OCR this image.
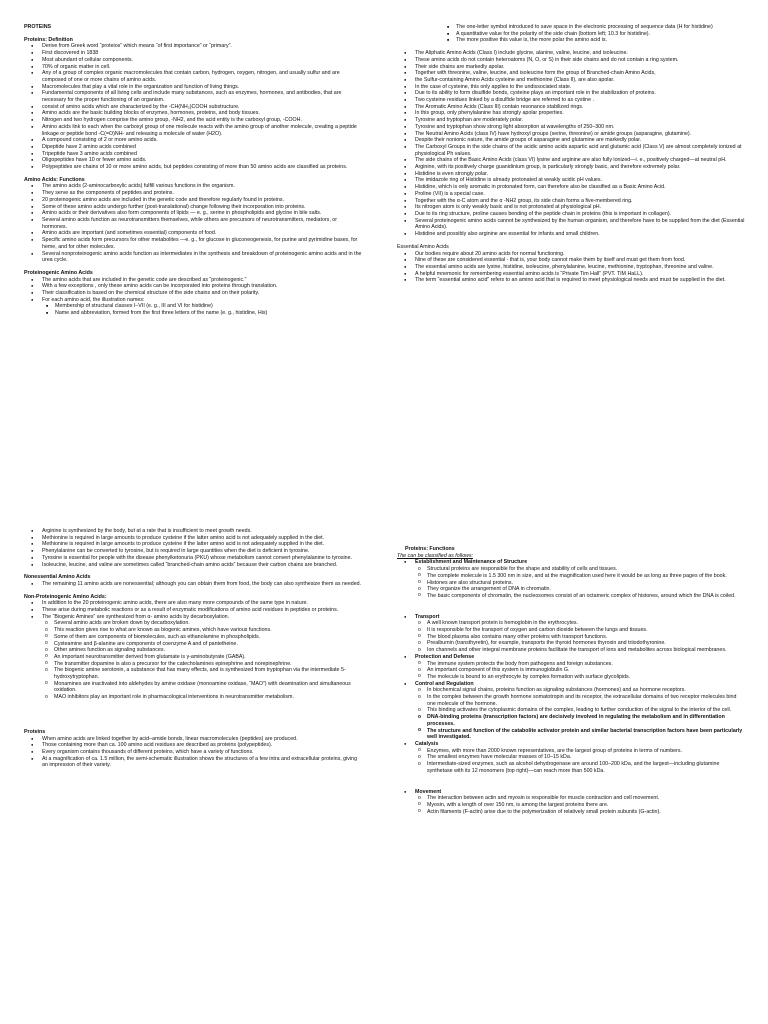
PROTEINS

Proteins: Definition

● Derive from Greek word “proteios” which means “of first importance” or “primary”.
● First discovered in 1838
● Most abundant of cellular components.
● 70% of organic matter in cell.
● Any of a group of complex organic macromolecules that contain carbon, hydrogen, oxygen, nitrogen, and usually sulfur and are composed of one or more chains of amino acids.
● Macromolecules that play a vital role in the organization and function of living things.
● Fundamental components of all living cells and include many substances, such as enzymes, hormones, and antibodies, that are necessary for the proper functioning of an organism.
● consist of amino acids which are characterized by the -CH(NH₂)COOH substructure.
● Amino acids are the basic building blocks of enzymes, hormones, proteins, and body tissues.
● Nitrogen and two hydrogen comprise the amino group, -NH2, and the acid entity is the carboxyl group, -COOH.
● Amino acids link to each when the carboxyl group of one molecule reacts with the amino group of another molecule, creating a peptide linkage or peptide bond -C(=O)NH- and releasing a molecule of water (H2O).
● A compound consisting of 2 or more amino acids.
● Dipeptide have 2 amino acids combined
● Tripeptide have 3 amino acids combined
● Oligopeptides have 10 or fewer amino acids.
● Polypeptides are chains of 10 or more amino acids, but peptides consisting of more than 50 amino acids are classified as proteins.

Amino Acids: Functions

● The amino acids (2-aminocarboxylic acids) fulfill various functions in the organism.
● They serve as the components of peptides and proteins.
● 20 proteinogenic amino acids are included in the genetic code and therefore regularly found in proteins.
● Some of these amino acids undergo further (post-translational) change following their incorporation into proteins.
● Amino acids or their derivatives also form components of lipids — e. g., serine in phospholipids and glycine in bile salts.
● Several amino acids function as neurotransmitters themselves, while others are precursors of neurotransmitters, mediators, or hormones.
● Amino acids are important (and sometimes essential) components of food.
● Specific amino acids form precursors for other metabolites —e. g., for glucose in gluconeogenesis, for purine and pyrimidine bases, for heme, and for other molecules.
● Several nonproteinogenic amino acids function as intermediates in the synthesis and breakdown of proteinogenic amino acids and in the urea cycle.

Proteinogenic Amino Acids

● The amino acids that are included in the genetic code are described as “proteinogenic.”
● With a few exceptions , only these amino acids can be incorporated into proteins through translation.
● Their classification is based on the chemical structure of the side chains and on their polarity.
● For each amino acid, the illustration names:
■ Membership of structural classes I–VII (e. g., III and VI for histidine)
■ Name and abbreviation, formed from the first three letters of the name (e. g., histidine, His)
■ The one-letter symbol introduced to save space in the electronic processing of sequence data (H for histidine)
■ A quantitative value for the polarity of the side chain (bottom left; 10.3 for histidine).
■ The more positive this value is, the more polar the amino acid is.
● The Aliphatic Amino Acids (Class I) include glycine, alanine, valine, leucine, and isoleucine.
● These amino acids do not contain heteroatoms (N, O, or S) in their side chains and do not contain a ring system.
● Their side chains are markedly apolar.
● Together with threonine, valine, leucine, and isoleucine form the group of Branched-chain Amino Acids,
● the Sulfur-containing Amino Acids cysteine and methionine (Class II), are also apolar.
● In the case of cysteine, this only applies to the undissociated state.
● Due to its ability to form disulfide bonds, cysteine plays an important role in the stabilization of proteins.
● Two cysteine residues linked by a disulfide bridge are referred to as cystine .
● The Aromatic Amino Acids (Class III) contain resonance stabilized rings.
● In this group, only phenylalanine has strongly apolar properties.
● Tyrosine and tryptophan are moderately polar.
● Tyrosine and tryptophan show strong light absorption at wavelengths of 250–300 nm.
● The Neutral Amino Acids (class IV) have hydroxyl groups (serine, threonine) or amide groups (asparagine, glutamine).
● Despite their nonionic nature, the amide groups of asparagine and glutamine are markedly polar.
● The Carboxyl Groups in the side chains of the acidic amino acids aspartic acid and glutamic acid (Class V) are almost completely ionized at physiological Ph values.
● The side chains of the Basic Amino Acids (class VI) lysine and arginine are also fully ionized—i. e., positively charged—at neutral pH.
● Arginine, with its positively charge guanidinium group, is particularly strongly basic, and therefore extremely polar.
● Histidine is even strongly polar.
● The imidazole ring of Histidine is already protonated at weakly acidic pH values.
● Histidine, which is only aromatic in protonated form, can therefore also be classified as a Basic Amino Acid.
● Proline (VII) is a special case.
● Together with the α-C atom and the α -NH2 group, its side chain forms a five-membered ring.
● Its nitrogen atom is only weakly basic and is not protonated at physiological pH.
● Due to its ring structure, proline causes bending of the peptide chain in proteins (this is important in collagen).
● Several proteinogenic amino acids cannot be synthesized by the human organism, and therefore have to be supplied from the diet (Essential Amino Acids).
● Histidine and possibly also arginine are essential for infants and small children.

Essential Amino Acids

● Our bodies require about 20 amino acids for normal functioning.
● Nine of these are considered essential - that is, your body cannot make them by itself and must get them from food.
● The essential amino acids are lysine, histidine, isoleucine, phenylalanine, leucine, methionine, tryptophan, threonine and valine.
● A helpful mnemonic for remembering essential amino acids is “Private Tim Hall” (PVT. TIM HaLL).
● The term “essential amino acid” refers to an amino acid that is required to meet physiological needs and must be supplied in the diet.
● Arginine is synthesized by the body, but at a rate that is insufficient to meet growth needs.
● Methionine is required in large amounts to produce cysteine if the latter amino acid is not adequately supplied in the diet.
● Methionine is required in large amounts to produce cysteine if the latter amino acid is not adequately supplied in the diet.
● Phenylalanine can be converted to tyrosine, but is required in large quantities when the diet is deficient in tyrosine.
● Tyrosine is essential for people with the disease phenylketonuria (PKU) whose metabolism cannot convert phenylalanine to tyrosine.
● Isoleucine, leucine, and valine are sometimes called “branched-chain amino acids” because their carbon chains are branched.

Nonessential Amino Acids

● The remaining 11 amino acids are nonessential; although you can obtain them from food, the body can also synthesize them as needed.

Non-Proteinogenic Amino Acids:

● In addition to the 20 proteinogenic amino acids, there are also many more compounds of the same type in nature.
● These arise during metabolic reactions or as a result of enzymatic modifications of amino acid residues in peptides or proteins.
● The “Biogenic Amines” are synthesized from α- amino acids by decarboxylation.
o Several amino acids are broken down by decarboxylation.
o This reaction gives rise to what are known as biogenic amines, which have various functions.
o Some of them are components of biomolecules, such as ethanolamine in phospholipids.
o Cysteamine and β-alanine are components of coenzyme A and of pantetheine.
o Other amines function as signaling substances.
o An important neurotransmitter derived from glutamate is γ-aminobutyrate (GABA).
o The transmitter dopamine is also a precursor for the catecholamines epinephrine and norepinephrine.
o The biogenic amine serotonin, a substance that has many effects, and is synthesized from tryptophan via the intermediate 5-hydroxytryptophan.
o Monamines are inactivated into aldehydes by amine oxidase (monoamine oxidase, “MAO”) with deamination and simultaneous oxidation.
o MAO inhibitors play an important role in pharmacological interventions in neurotransmitter metabolism.

Proteins

● When amino acids are linked together by acid–amide bonds, linear macromolecules (peptides) are produced.
● Those containing more than ca. 100 amino acid residues are described as proteins (polypeptides).
● Every organism contains thousands of different proteins, which have a variety of functions.
● At a magnification of ca. 1.5 million, the semi-schematic illustration shows the structures of a few intra and extracellular proteins, giving an impression of their variety.

Proteins: Functions

The can be classified as follows:

● Establishment and Maintenance of Structure
o Structural proteins are responsible for the shape and stability of cells and tissues.
o The complete molecule is 1.5 300 nm in size, and at the magnification used here it would be as long as three pages of the book.
o Histones are also structural proteins.
o They organize the arrangement of DNA in chromatin.
o The basic components of chromatin, the nucleosomes consist of an octameric complex of histones, around which the DNA is coiled.
● Transport
o A well known transport protein is hemoglobin in the erythrocytes.
o It is responsible for the transport of oxygen and carbon dioxide between the lungs and tissues.
o The blood plasma also contains many other proteins with transport functions.
o Prealbumin (transthyretin), for example, transports the thyroid hormones thyroxin and triiodothyronine.
o Ion channels and other integral membrane proteins facilitate the transport of ions and metabolites across biological membranes.
● Protection and Defense
o The immune system protects the body from pathogens and foreign substances.
o An important component of this system is immunoglobulin G.
o The molecule is bound to an erythrocyte by complex formation with surface glycolipids.
● Control and Regulation
o In biochemical signal chains, proteins function as signaling substances (hormones) and as hormone receptors.
o In the complex between the growth hormone somatotropin and its receptor, the extracellular domains of two receptor molecules bind one molecule of the hormone.
o This binding activates the cytoplasmic domains of the complex, leading to further conduction of the signal to the interior of the cell.
o DNA-binding proteins (transcription factors) are decisively involved in regulating the metabolism and in differentiation processes.
o The structure and function of the catabolite activator protein and similar bacterial transcription factors have been particularly well investigated.
● Catalysis
o Enzymes, with more than 2000 known representatives, are the largest group of proteins in terms of numbers.
o The smallest enzymes have molecular masses of 10–15 kDa.
o Intermediate-sized enzymes, such as alcohol dehydrogenase are around 100–200 kDa, and the largest—including glutamine synthetase with its 12 monomers (top right)—can reach more than 500 kDa.
● Movement
o The interaction between actin and myosin is responsible for muscle contraction and cell movement.
o Myosin, with a length of over 150 nm, is among the largest proteins there are.
o Actin filaments (F-actin) arise due to the polymerization of relatively small protein subunits (G-actin).
